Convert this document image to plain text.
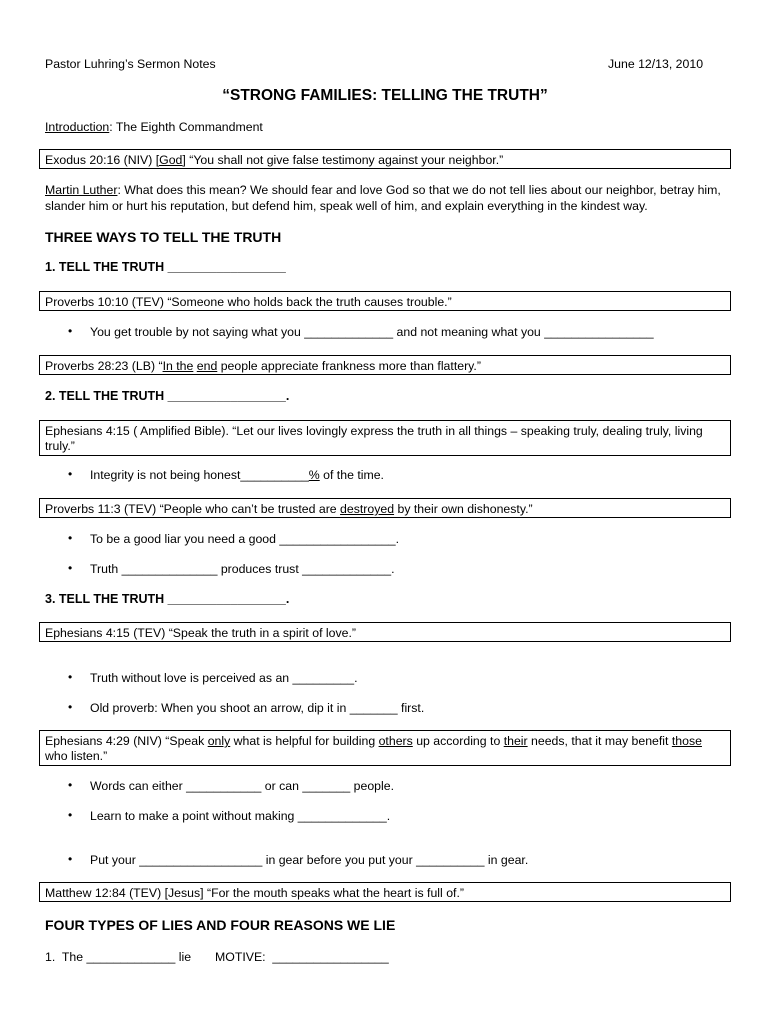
Pastor Luhring’s Sermon Notes	June 12/13, 2010
“STRONG FAMILIES: TELLING THE TRUTH”
Introduction: The Eighth Commandment
Exodus 20:16 (NIV) [God] “You shall not give false testimony against your neighbor.”
Martin Luther: What does this mean? We should fear and love God so that we do not tell lies about our neighbor, betray him, slander him or hurt his reputation, but defend him, speak well of him, and explain everything in the kindest way.
THREE WAYS TO TELL THE TRUTH
1. TELL THE TRUTH _________________
Proverbs 10:10 (TEV) “Someone who holds back the truth causes trouble.”
• You get trouble by not saying what you _____________ and not meaning what you ________________
Proverbs 28:23 (LB) “In the end people appreciate frankness more than flattery.”
2. TELL THE TRUTH _________________.
Ephesians 4:15 ( Amplified Bible). “Let our lives lovingly express the truth in all things – speaking truly, dealing truly, living truly.”
• Integrity is not being honest__________% of the time.
Proverbs 11:3 (TEV) “People who can’t be trusted are destroyed by their own dishonesty.”
• To be a good liar you need a good _________________.
• Truth ______________ produces trust _____________.
3. TELL THE TRUTH _________________.
Ephesians 4:15 (TEV) “Speak the truth in a spirit of love.”
• Truth without love is perceived as an _________.
• Old proverb: When you shoot an arrow, dip it in _______ first.
Ephesians 4:29 (NIV) “Speak only what is helpful for building others up according to their needs, that it may benefit those who listen.”
• Words can either ___________ or can _______ people.
• Learn to make a point without making _____________.
• Put your __________________ in gear before you put your __________ in gear.
Matthew 12:84 (TEV) [Jesus] “For the mouth speaks what the heart is full of.”
FOUR TYPES OF LIES AND FOUR REASONS WE LIE
1.  The _____________ lie       MOTIVE:  _________________
